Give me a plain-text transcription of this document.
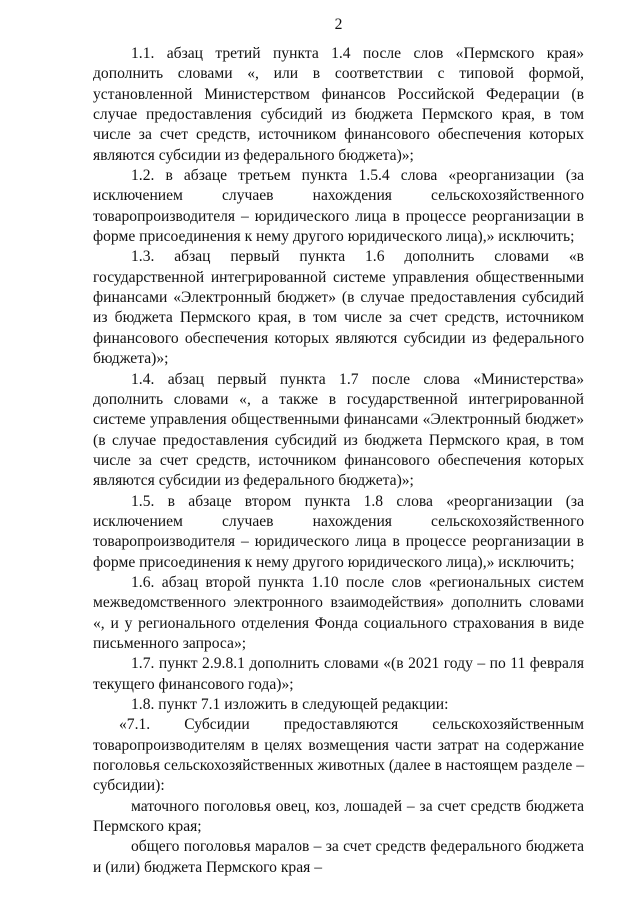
2

1.1. абзац третий пункта 1.4 после слов «Пермского края» дополнить словами «, или в соответствии с типовой формой, установленной Министерством финансов Российской Федерации (в случае предоставления субсидий из бюджета Пермского края, в том числе за счет средств, источником финансового обеспечения которых являются субсидии из федерального бюджета)»;

1.2. в абзаце третьем пункта 1.5.4 слова «реорганизации (за исключением случаев нахождения сельскохозяйственного товаропроизводителя – юридического лица в процессе реорганизации в форме присоединения к нему другого юридического лица),» исключить;

1.3. абзац первый пункта 1.6 дополнить словами «в государственной интегрированной системе управления общественными финансами «Электронный бюджет» (в случае предоставления субсидий из бюджета Пермского края, в том числе за счет средств, источником финансового обеспечения которых являются субсидии из федерального бюджета)»;

1.4. абзац первый пункта 1.7 после слова «Министерства» дополнить словами «, а также в государственной интегрированной системе управления общественными финансами «Электронный бюджет» (в случае предоставления субсидий из бюджета Пермского края, в том числе за счет средств, источником финансового обеспечения которых являются субсидии из федерального бюджета)»;

1.5. в абзаце втором пункта 1.8 слова «реорганизации (за исключением случаев нахождения сельскохозяйственного товаропроизводителя – юридического лица в процессе реорганизации в форме присоединения к нему другого юридического лица),» исключить;

1.6. абзац второй пункта 1.10 после слов «региональных систем межведомственного электронного взаимодействия» дополнить словами «, и у регионального отделения Фонда социального страхования в виде письменного запроса»;

1.7. пункт 2.9.8.1 дополнить словами «(в 2021 году – по 11 февраля текущего финансового года)»;

1.8. пункт 7.1 изложить в следующей редакции:

«7.1. Субсидии предоставляются сельскохозяйственным товаропроизводителям в целях возмещения части затрат на содержание поголовья сельскохозяйственных животных (далее в настоящем разделе – субсидии):

маточного поголовья овец, коз, лошадей – за счет средств бюджета Пермского края;

общего поголовья маралов – за счет средств федерального бюджета и (или) бюджета Пермского края –
